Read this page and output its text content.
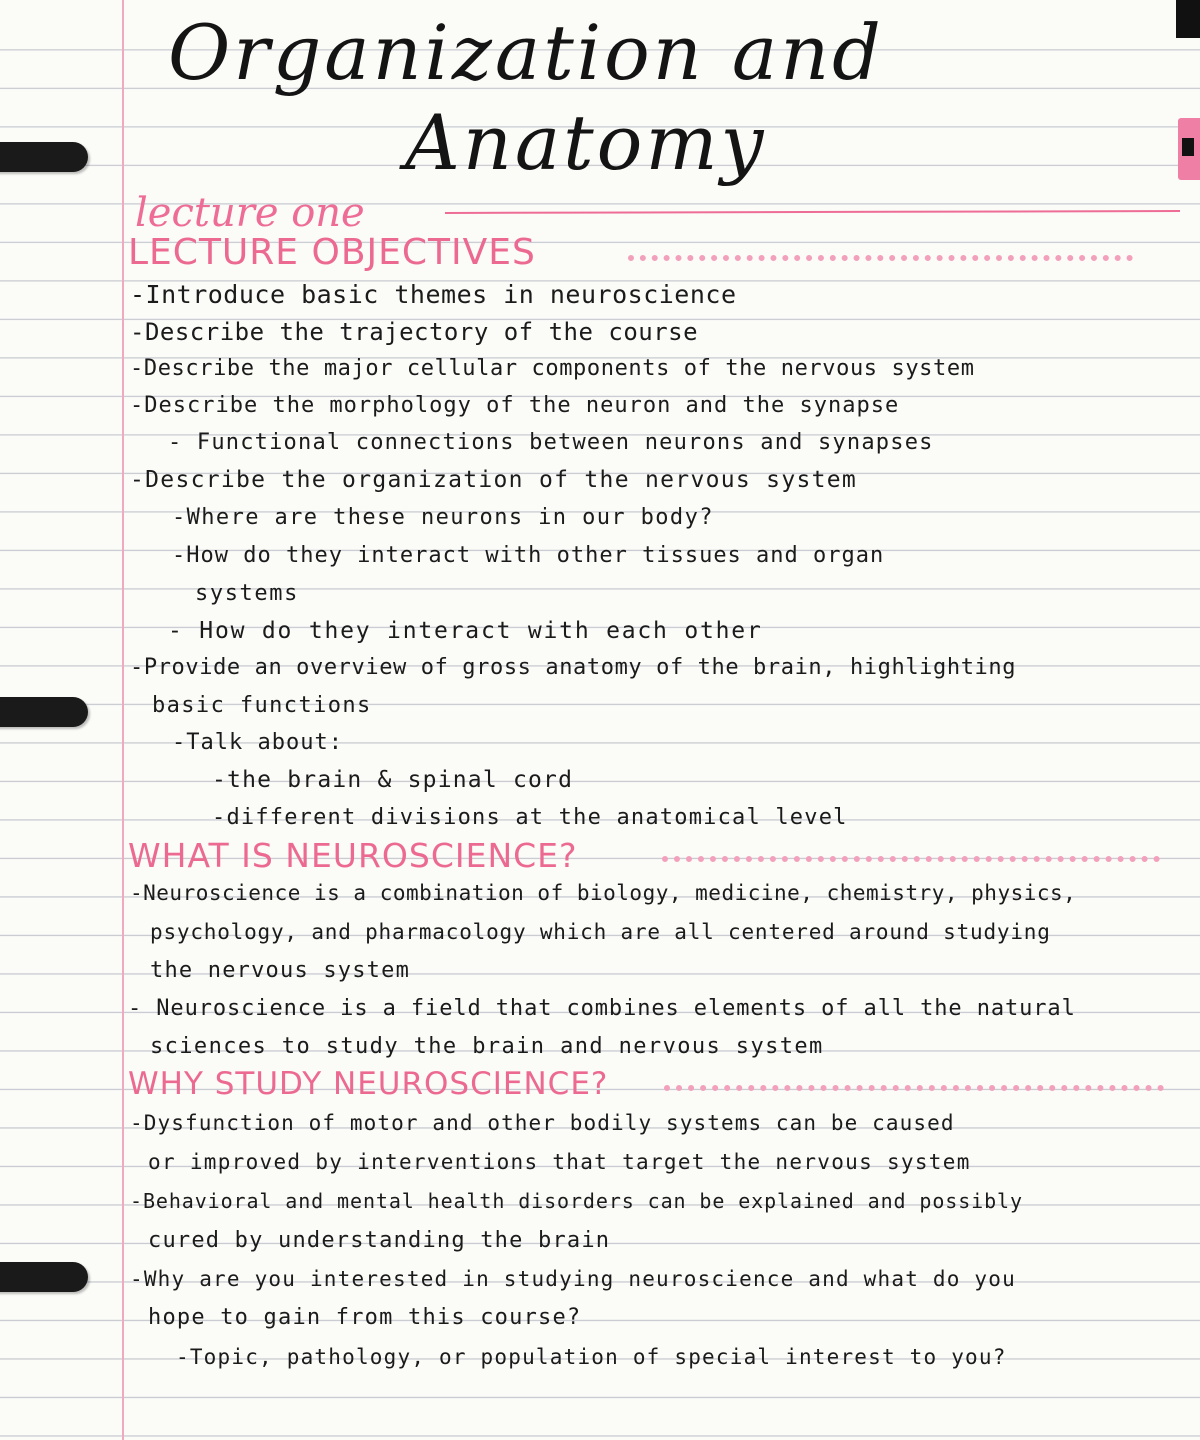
Organization and
Anatomy
lecture one
LECTURE OBJECTIVES
-Introduce basic themes in neuroscience
-Describe the trajectory of the course
-Describe the major cellular components of the nervous system
-Describe the morphology of the neuron and the synapse
- Functional connections between neurons and synapses
-Describe the organization of the nervous system
-Where are these neurons in our body?
-How do they interact with other tissues and organ
systems
- How do they interact with each other
-Provide an overview of gross anatomy of the brain, highlighting
basic functions
-Talk about:
-the brain & spinal cord
-different divisions at the anatomical level
WHAT IS NEUROSCIENCE?
-Neuroscience is a combination of biology, medicine, chemistry, physics,
psychology, and pharmacology which are all centered around studying
the nervous system
- Neuroscience is a field that combines elements of all the natural
sciences to study the brain and nervous system
WHY STUDY NEUROSCIENCE?
-Dysfunction of motor and other bodily systems can be caused
or improved by interventions that target the nervous system
-Behavioral and mental health disorders can be explained and possibly
cured by understanding the brain
-Why are you interested in studying neuroscience and what do you
hope to gain from this course?
-Topic, pathology, or population of special interest to you?
